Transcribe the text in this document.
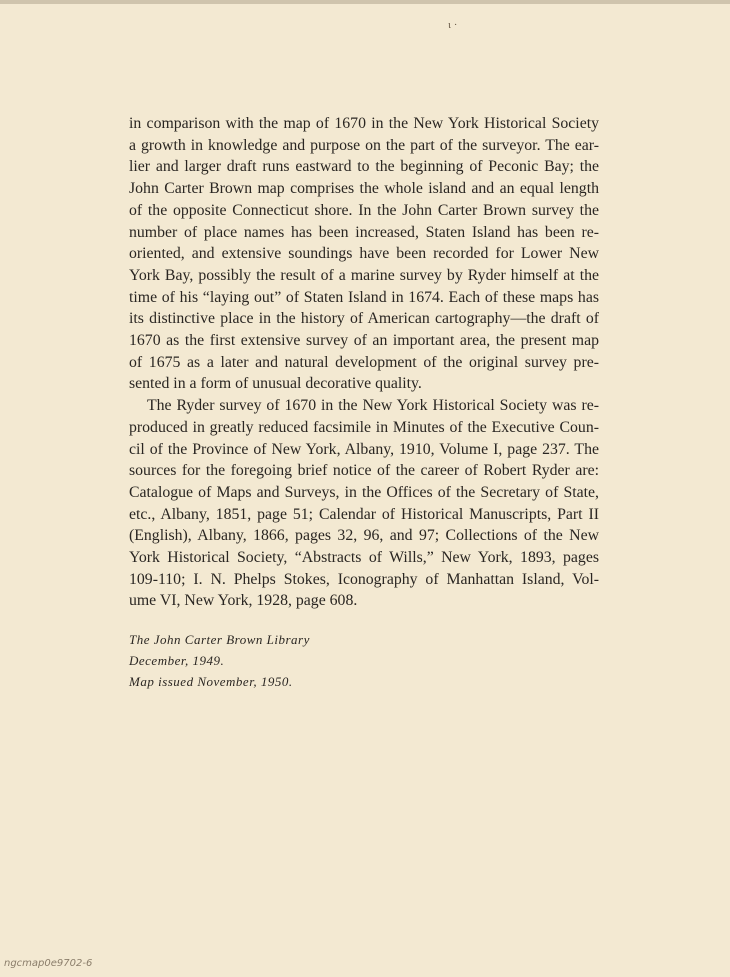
ι ·

in comparison with the map of 1670 in the New York Historical Society
a growth in knowledge and purpose on the part of the surveyor. The ear-
lier and larger draft runs eastward to the beginning of Peconic Bay; the
John Carter Brown map comprises the whole island and an equal length
of the opposite Connecticut shore. In the John Carter Brown survey the
number of place names has been increased, Staten Island has been re-
oriented, and extensive soundings have been recorded for Lower New
York Bay, possibly the result of a marine survey by Ryder himself at the
time of his “laying out” of Staten Island in 1674. Each of these maps has
its distinctive place in the history of American cartography—the draft of
1670 as the first extensive survey of an important area, the present map
of 1675 as a later and natural development of the original survey pre-
sented in a form of unusual decorative quality.

The Ryder survey of 1670 in the New York Historical Society was re-
produced in greatly reduced facsimile in Minutes of the Executive Coun-
cil of the Province of New York, Albany, 1910, Volume I, page 237. The
sources for the foregoing brief notice of the career of Robert Ryder are:
Catalogue of Maps and Surveys, in the Offices of the Secretary of State,
etc., Albany, 1851, page 51; Calendar of Historical Manuscripts, Part II
(English), Albany, 1866, pages 32, 96, and 97; Collections of the New
York Historical Society, “Abstracts of Wills,” New York, 1893, pages
109-110; I. N. Phelps Stokes, Iconography of Manhattan Island, Vol-
ume VI, New York, 1928, page 608.

The John Carter Brown Library
December, 1949.
Map issued November, 1950.
ngcmap0e9702-6
